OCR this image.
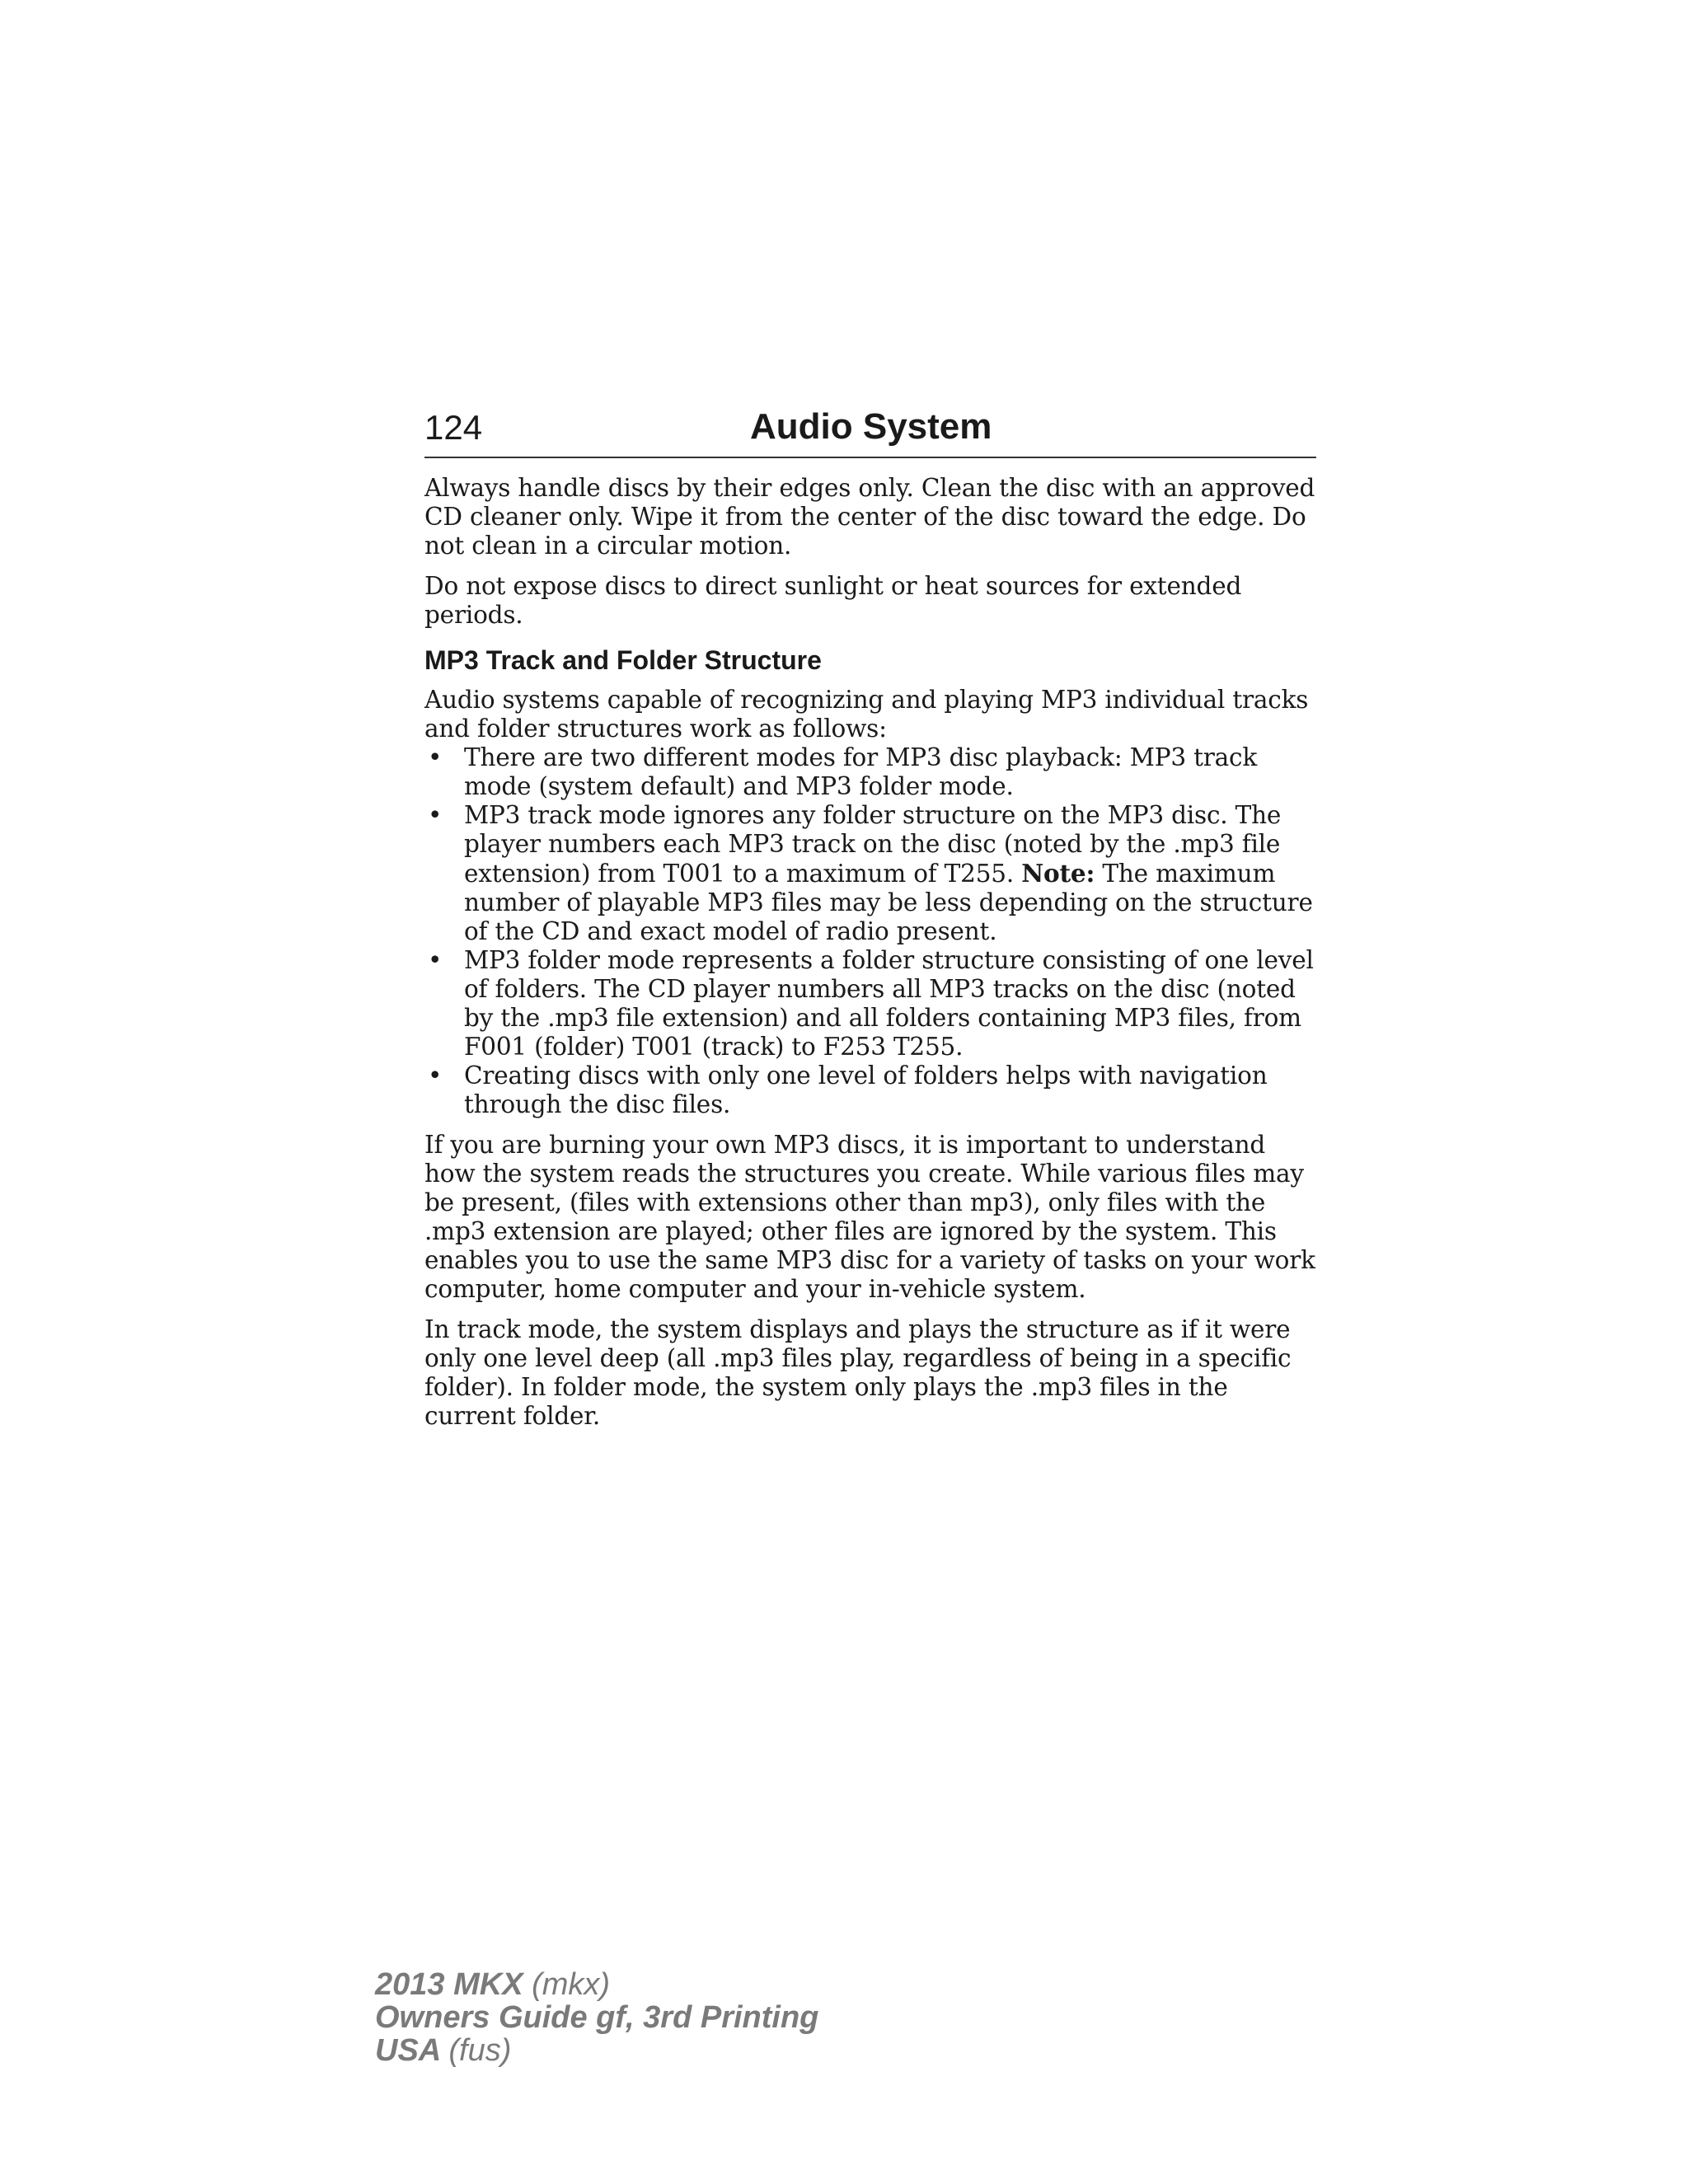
124	Audio System

Always handle discs by their edges only. Clean the disc with an approved CD cleaner only. Wipe it from the center of the disc toward the edge. Do not clean in a circular motion.

Do not expose discs to direct sunlight or heat sources for extended periods.

MP3 Track and Folder Structure

Audio systems capable of recognizing and playing MP3 individual tracks and folder structures work as follows:

• There are two different modes for MP3 disc playback: MP3 track mode (system default) and MP3 folder mode.
• MP3 track mode ignores any folder structure on the MP3 disc. The player numbers each MP3 track on the disc (noted by the .mp3 file extension) from T001 to a maximum of T255. Note: The maximum number of playable MP3 files may be less depending on the structure of the CD and exact model of radio present.
• MP3 folder mode represents a folder structure consisting of one level of folders. The CD player numbers all MP3 tracks on the disc (noted by the .mp3 file extension) and all folders containing MP3 files, from F001 (folder) T001 (track) to F253 T255.
• Creating discs with only one level of folders helps with navigation through the disc files.

If you are burning your own MP3 discs, it is important to understand how the system reads the structures you create. While various files may be present, (files with extensions other than mp3), only files with the .mp3 extension are played; other files are ignored by the system. This enables you to use the same MP3 disc for a variety of tasks on your work computer, home computer and your in-vehicle system.

In track mode, the system displays and plays the structure as if it were only one level deep (all .mp3 files play, regardless of being in a specific folder). In folder mode, the system only plays the .mp3 files in the current folder.

2013 MKX (mkx)
Owners Guide gf, 3rd Printing
USA (fus)
